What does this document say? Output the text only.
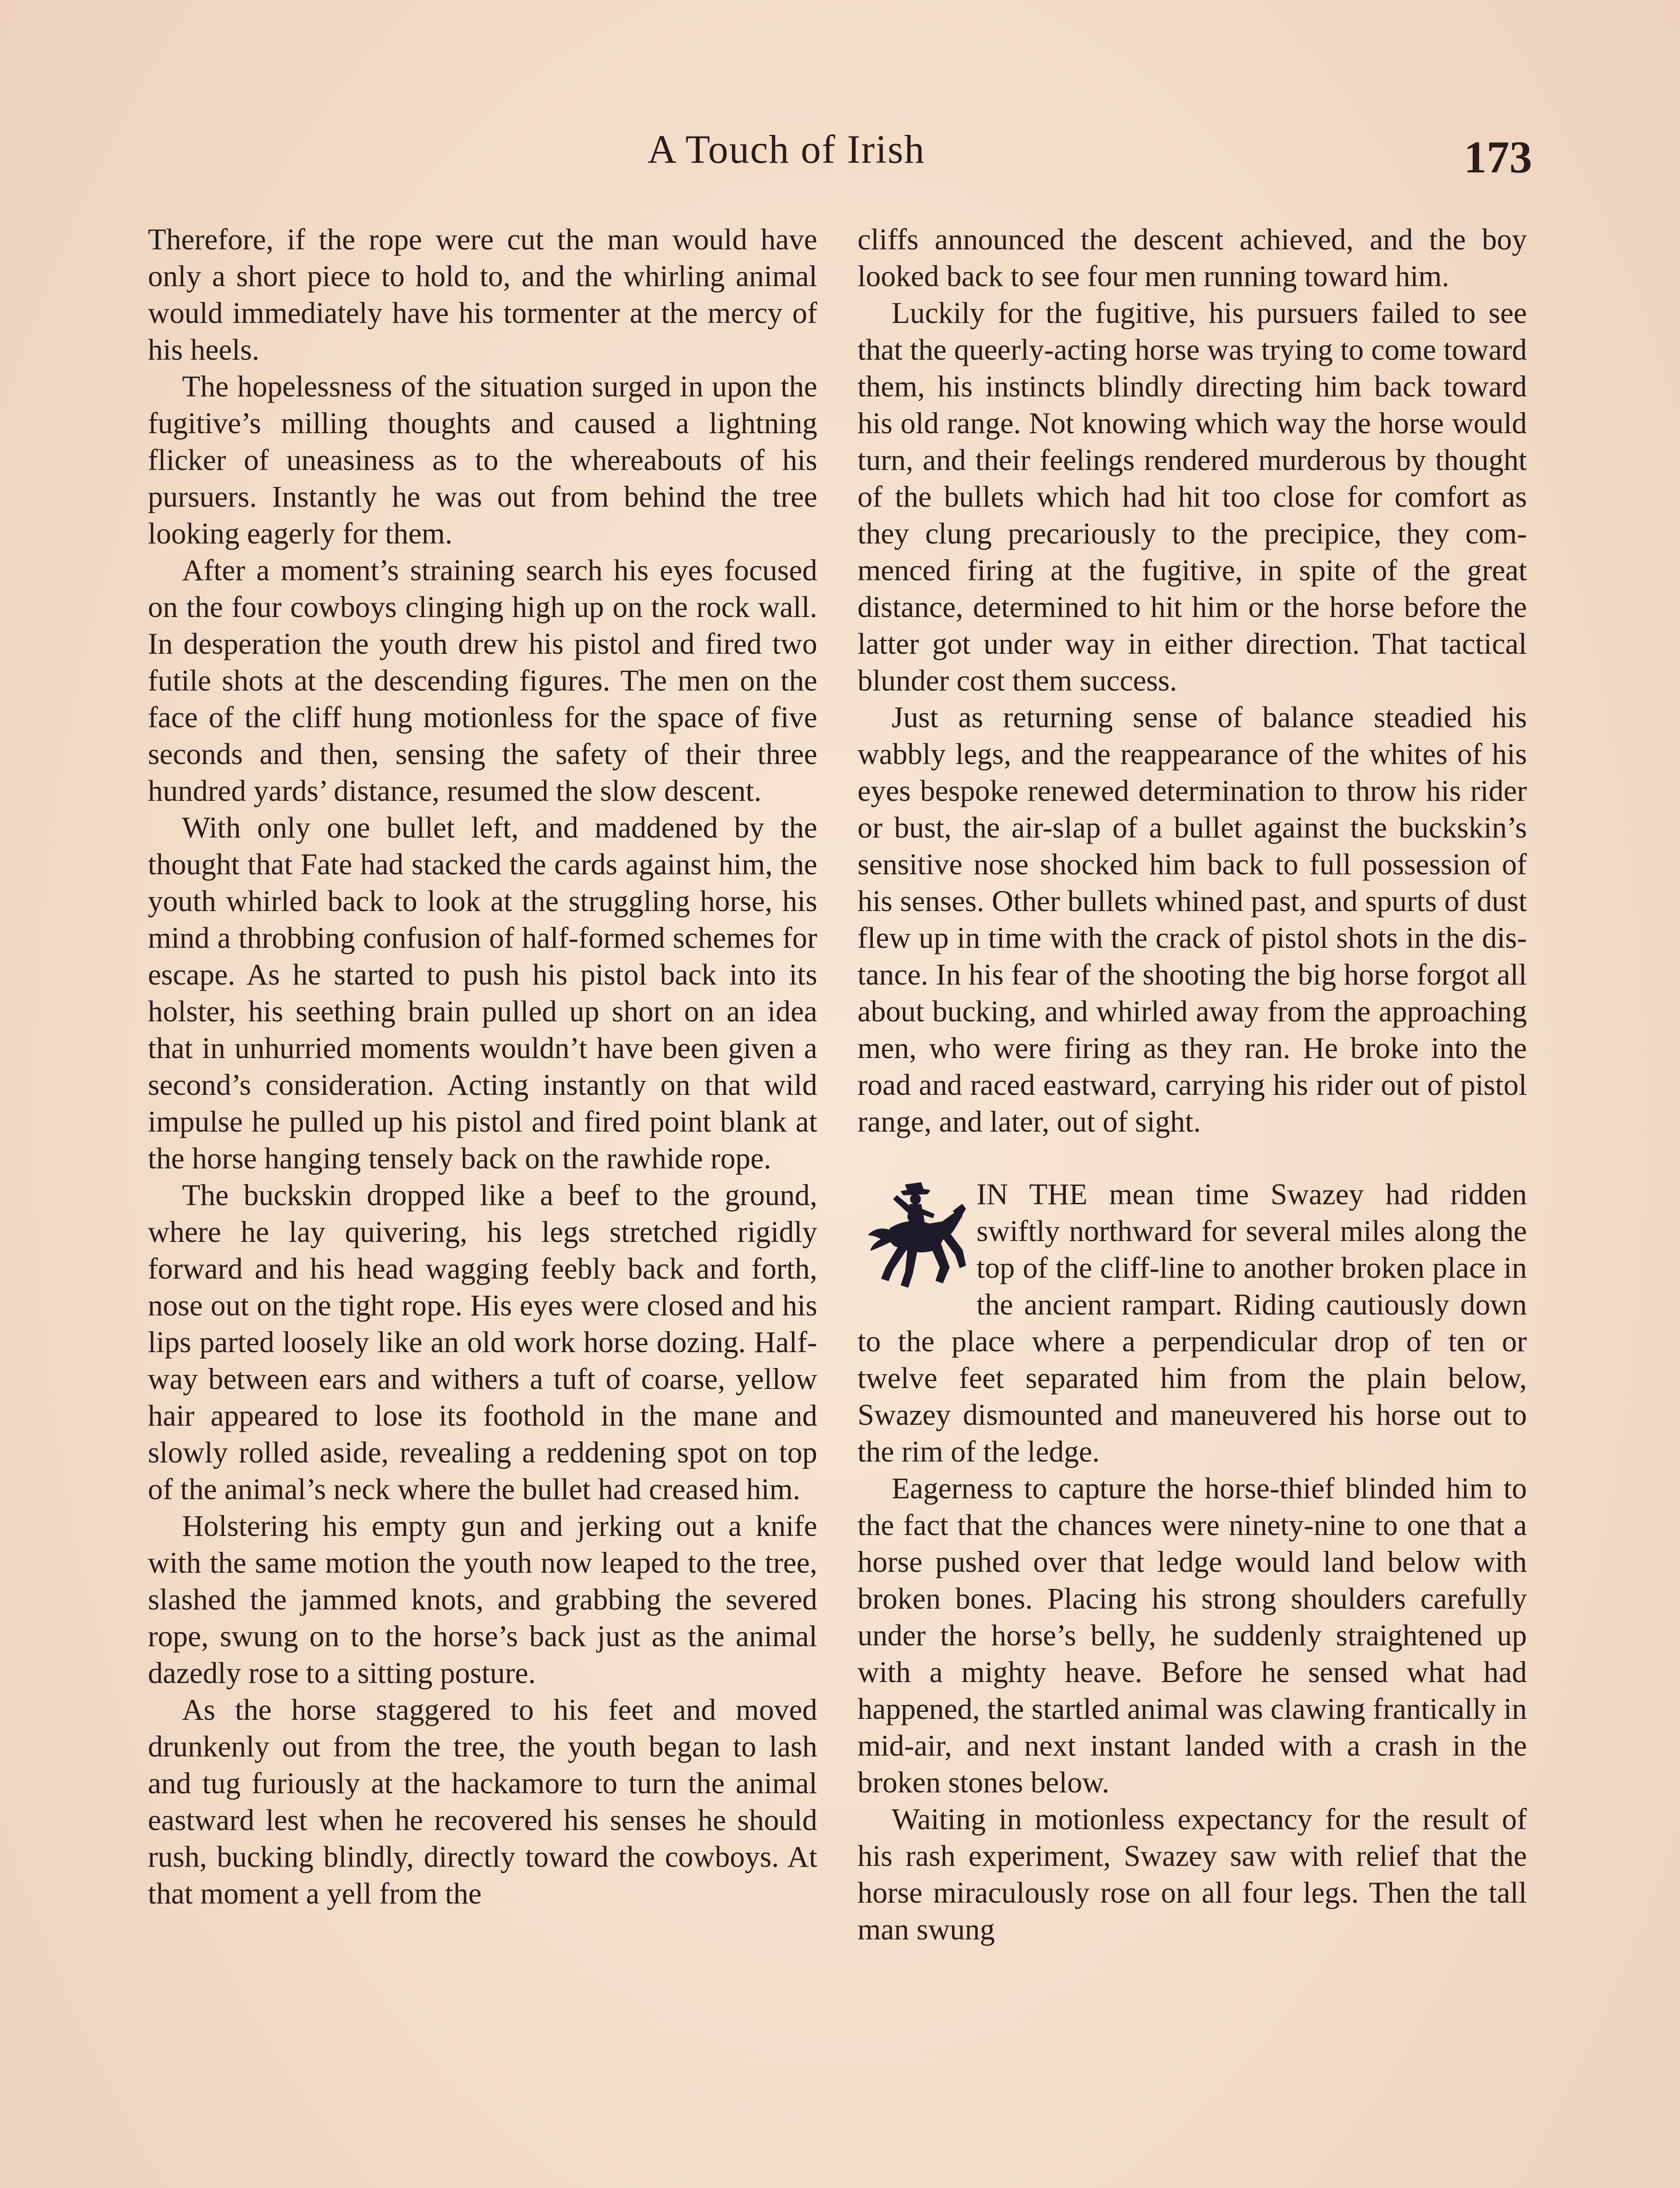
A Touch of Irish	173

Therefore, if the rope were cut the man would have only a short piece to hold to, and the whirling animal would immediately have his tormenter at the mercy of his heels.

The hopelessness of the situation surged in upon the fugitive’s milling thoughts and caused a lightning flicker of uneasiness as to the whereabouts of his pursuers. Instantly he was out from behind the tree looking eagerly for them.

After a moment’s straining search his eyes focused on the four cowboys clinging high up on the rock wall. In desperation the youth drew his pistol and fired two futile shots at the descending figures. The men on the face of the cliff hung motionless for the space of five seconds and then, sensing the safety of their three hundred yards’ distance, resumed the slow descent.

With only one bullet left, and maddened by the thought that Fate had stacked the cards against him, the youth whirled back to look at the struggling horse, his mind a throbbing confusion of half-formed schemes for escape. As he started to push his pistol back into its holster, his seething brain pulled up short on an idea that in unhurried moments wouldn’t have been given a second’s consideration. Acting instantly on that wild impulse he pulled up his pistol and fired point blank at the horse hanging tensely back on the rawhide rope.

The buckskin dropped like a beef to the ground, where he lay quivering, his legs stretched rigidly forward and his head wagging feebly back and forth, nose out on the tight rope. His eyes were closed and his lips parted loosely like an old work horse dozing. Half-way between ears and withers a tuft of coarse, yellow hair appeared to lose its foothold in the mane and slowly rolled aside, revealing a reddening spot on top of the animal’s neck where the bullet had creased him.

Holstering his empty gun and jerking out a knife with the same motion the youth now leaped to the tree, slashed the jammed knots, and grabbing the severed rope, swung on to the horse’s back just as the animal dazedly rose to a sitting posture.

As the horse staggered to his feet and moved drunkenly out from the tree, the youth began to lash and tug furiously at the hackamore to turn the animal eastward lest when he recovered his senses he should rush, bucking blindly, directly toward the cowboys. At that moment a yell from the

cliffs announced the descent achieved, and the boy looked back to see four men running toward him.

Luckily for the fugitive, his pursuers failed to see that the queerly-acting horse was trying to come toward them, his instincts blindly directing him back toward his old range. Not knowing which way the horse would turn, and their feelings rendered murderous by thought of the bullets which had hit too close for comfort as they clung precariously to the precipice, they commenced firing at the fugitive, in spite of the great distance, determined to hit him or the horse before the latter got under way in either direction. That tactical blunder cost them success.

Just as returning sense of balance steadied his wabbly legs, and the reappearance of the whites of his eyes bespoke renewed determination to throw his rider or bust, the air-slap of a bullet against the buckskin’s sensitive nose shocked him back to full possession of his senses. Other bullets whined past, and spurts of dust flew up in time with the crack of pistol shots in the distance. In his fear of the shooting the big horse forgot all about bucking, and whirled away from the approaching men, who were firing as they ran. He broke into the road and raced eastward, carrying his rider out of pistol range, and later, out of sight.

IN THE mean time Swazey had ridden swiftly northward for several miles along the top of the cliff-line to another broken place in the ancient rampart. Riding cautiously down to the place where a perpendicular drop of ten or twelve feet separated him from the plain below, Swazey dismounted and maneuvered his horse out to the rim of the ledge.

Eagerness to capture the horse-thief blinded him to the fact that the chances were ninety-nine to one that a horse pushed over that ledge would land below with broken bones. Placing his strong shoulders carefully under the horse’s belly, he suddenly straightened up with a mighty heave. Before he sensed what had happened, the startled animal was clawing frantically in mid-air, and next instant landed with a crash in the broken stones below.

Waiting in motionless expectancy for the result of his rash experiment, Swazey saw with relief that the horse miraculously rose on all four legs. Then the tall man swung
